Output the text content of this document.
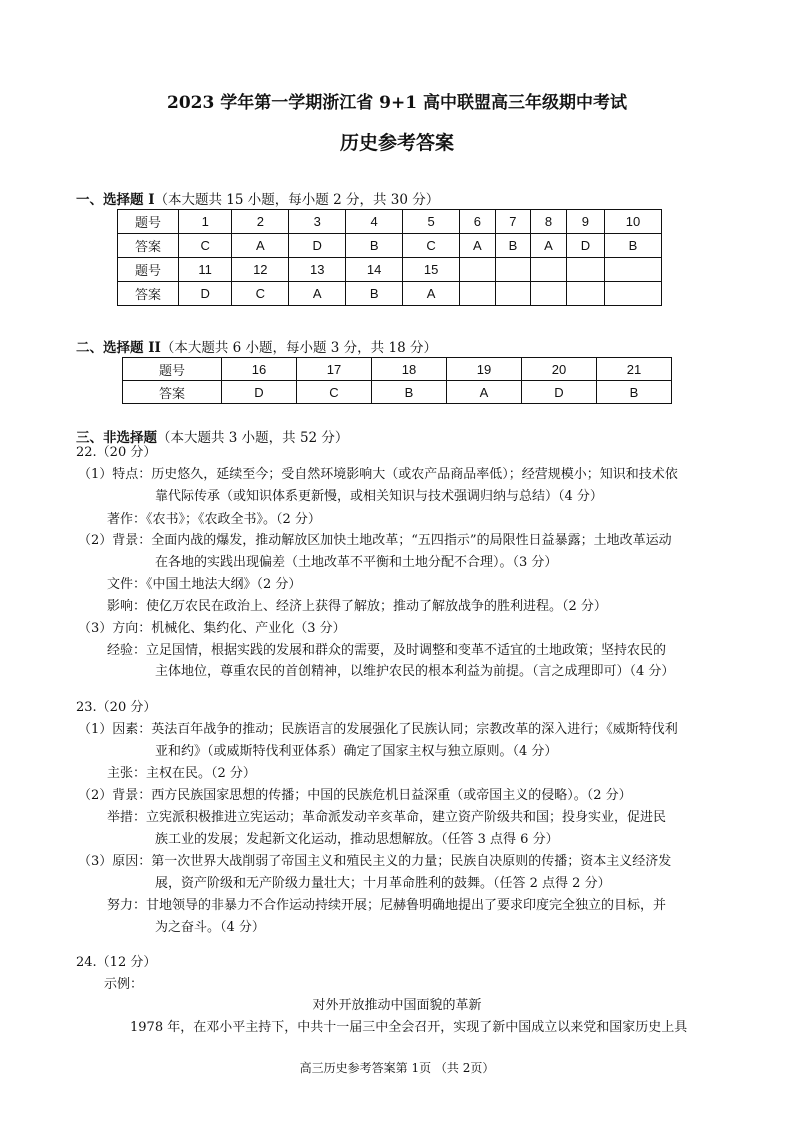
2023 学年第一学期浙江省 9+1 高中联盟高三年级期中考试
历史参考答案
一、选择题 I（本大题共 15 小题，每小题 2 分，共 30 分）
题号	1	2	3	4	5	6	7	8	9	10
答案	C	A	D	B	C	A	B	A	D	B
题号	11	12	13	14	15					
答案	D	C	A	B	A					
二、选择题 II（本大题共 6 小题，每小题 3 分，共 18 分）
题号	16	17	18	19	20	21
答案	D	C	B	A	D	B
三、非选择题（本大题共 3 小题，共 52 分）
22.（20 分）
（1）特点：历史悠久，延续至今；受自然环境影响大（或农产品商品率低）；经营规模小；知识和技术依
靠代际传承（或知识体系更新慢，或相关知识与技术强调归纳与总结）（4 分）
著作：《农书》；《农政全书》。（2 分）
（2）背景：全面内战的爆发，推动解放区加快土地改革；“五四指示”的局限性日益暴露；土地改革运动
在各地的实践出现偏差（土地改革不平衡和土地分配不合理）。（3 分）
文件：《中国土地法大纲》（2 分）
影响：使亿万农民在政治上、经济上获得了解放；推动了解放战争的胜利进程。（2 分）
（3）方向：机械化、集约化、产业化（3 分）
经验：立足国情，根据实践的发展和群众的需要，及时调整和变革不适宜的土地政策；坚持农民的
主体地位，尊重农民的首创精神，以维护农民的根本利益为前提。（言之成理即可）（4 分）
23.（20 分）
（1）因素：英法百年战争的推动；民族语言的发展强化了民族认同；宗教改革的深入进行；《威斯特伐利
亚和约》（或威斯特伐利亚体系）确定了国家主权与独立原则。（4 分）
主张：主权在民。（2 分）
（2）背景：西方民族国家思想的传播；中国的民族危机日益深重（或帝国主义的侵略）。（2 分）
举措：立宪派积极推进立宪运动；革命派发动辛亥革命，建立资产阶级共和国；投身实业，促进民
族工业的发展；发起新文化运动，推动思想解放。（任答 3 点得 6 分）
（3）原因：第一次世界大战削弱了帝国主义和殖民主义的力量；民族自决原则的传播；资本主义经济发
展，资产阶级和无产阶级力量壮大；十月革命胜利的鼓舞。（任答 2 点得 2 分）
努力：甘地领导的非暴力不合作运动持续开展；尼赫鲁明确地提出了要求印度完全独立的目标，并
为之奋斗。（4 分）
24.（12 分）
示例：
对外开放推动中国面貌的革新
1978 年，在邓小平主持下，中共十一届三中全会召开，实现了新中国成立以来党和国家历史上具
高三历史参考答案第 1页 （共 2页）
